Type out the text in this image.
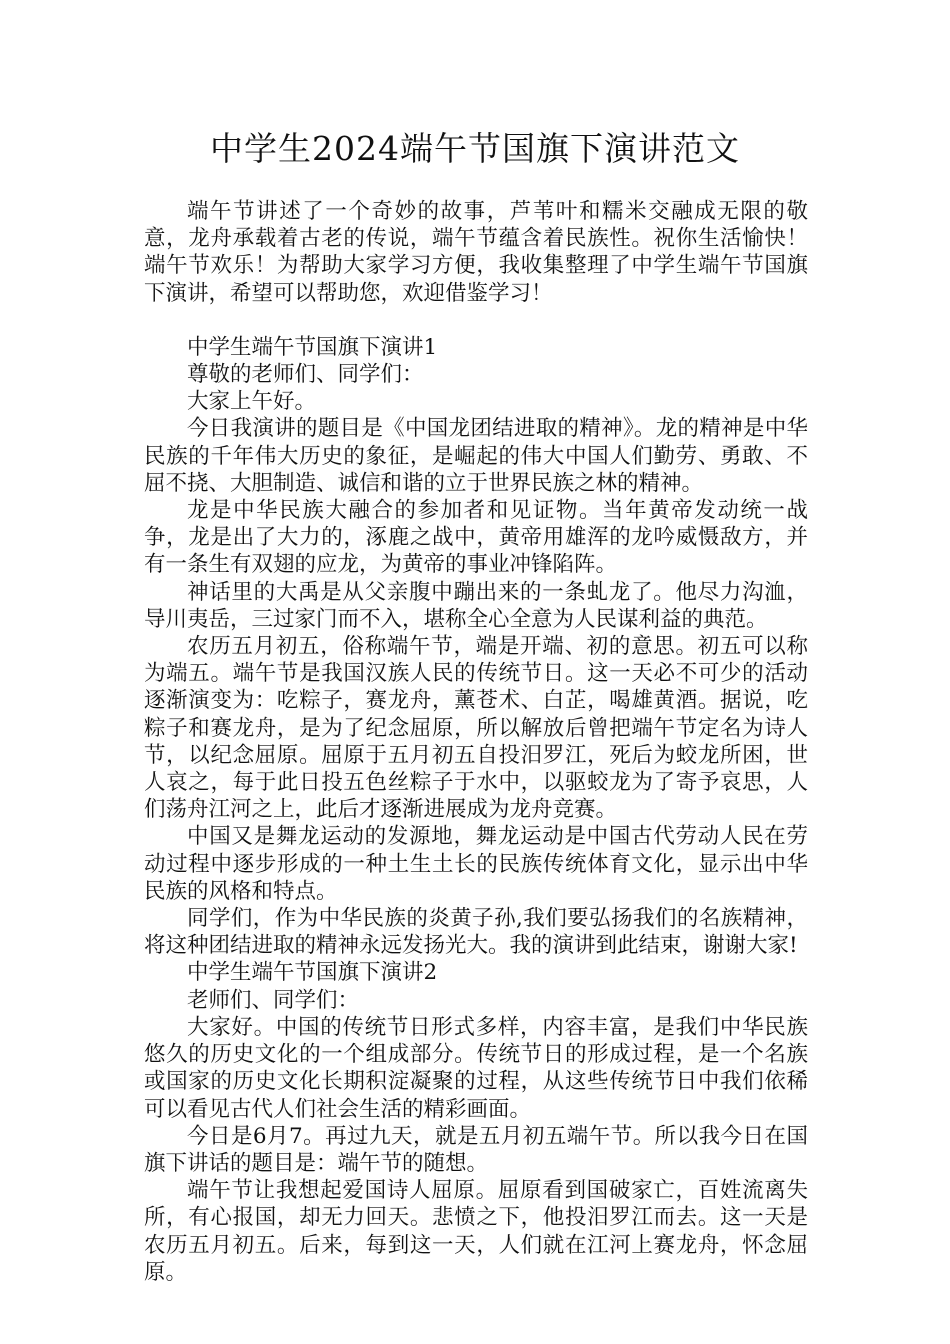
中学生2024端午节国旗下演讲范文

端午节讲述了一个奇妙的故事，芦苇叶和糯米交融成无限的敬意，龙舟承载着古老的传说，端午节蕴含着民族性。祝你生活愉快！端午节欢乐！为帮助大家学习方便，我收集整理了中学生端午节国旗下演讲，希望可以帮助您，欢迎借鉴学习！

中学生端午节国旗下演讲1

尊敬的老师们、同学们：

大家上午好。

今日我演讲的题目是《中国龙团结进取的精神》。龙的精神是中华民族的千年伟大历史的象征，是崛起的伟大中国人们勤劳、勇敢、不屈不挠、大胆制造、诚信和谐的立于世界民族之林的精神。

龙是中华民族大融合的参加者和见证物。当年黄帝发动统一战争，龙是出了大力的，涿鹿之战中，黄帝用雄浑的龙吟威慑敌方，并有一条生有双翅的应龙，为黄帝的事业冲锋陷阵。

神话里的大禹是从父亲腹中蹦出来的一条虬龙了。他尽力沟洫，导川夷岳，三过家门而不入，堪称全心全意为人民谋利益的典范。

农历五月初五，俗称端午节，端是开端、初的意思。初五可以称为端五。端午节是我国汉族人民的传统节日。这一天必不可少的活动逐渐演变为：吃粽子，赛龙舟，薰苍术、白芷，喝雄黄酒。据说，吃粽子和赛龙舟，是为了纪念屈原，所以解放后曾把端午节定名为诗人节，以纪念屈原。屈原于五月初五自投汨罗江，死后为蛟龙所困，世人哀之，每于此日投五色丝粽子于水中，以驱蛟龙为了寄予哀思，人们荡舟江河之上，此后才逐渐进展成为龙舟竞赛。

中国又是舞龙运动的发源地，舞龙运动是中国古代劳动人民在劳动过程中逐步形成的一种土生土长的民族传统体育文化，显示出中华民族的风格和特点。

同学们，作为中华民族的炎黄子孙,我们要弘扬我们的名族精神，将这种团结进取的精神永远发扬光大。我的演讲到此结束，谢谢大家!

中学生端午节国旗下演讲2

老师们、同学们：

大家好。中国的传统节日形式多样，内容丰富，是我们中华民族悠久的历史文化的一个组成部分。传统节日的形成过程，是一个名族或国家的历史文化长期积淀凝聚的过程，从这些传统节日中我们依稀可以看见古代人们社会生活的精彩画面。

今日是6月7。再过九天，就是五月初五端午节。所以我今日在国旗下讲话的题目是：端午节的随想。

端午节让我想起爱国诗人屈原。屈原看到国破家亡，百姓流离失所，有心报国，却无力回天。悲愤之下，他投汨罗江而去。这一天是农历五月初五。后来，每到这一天，人们就在江河上赛龙舟，怀念屈原。
